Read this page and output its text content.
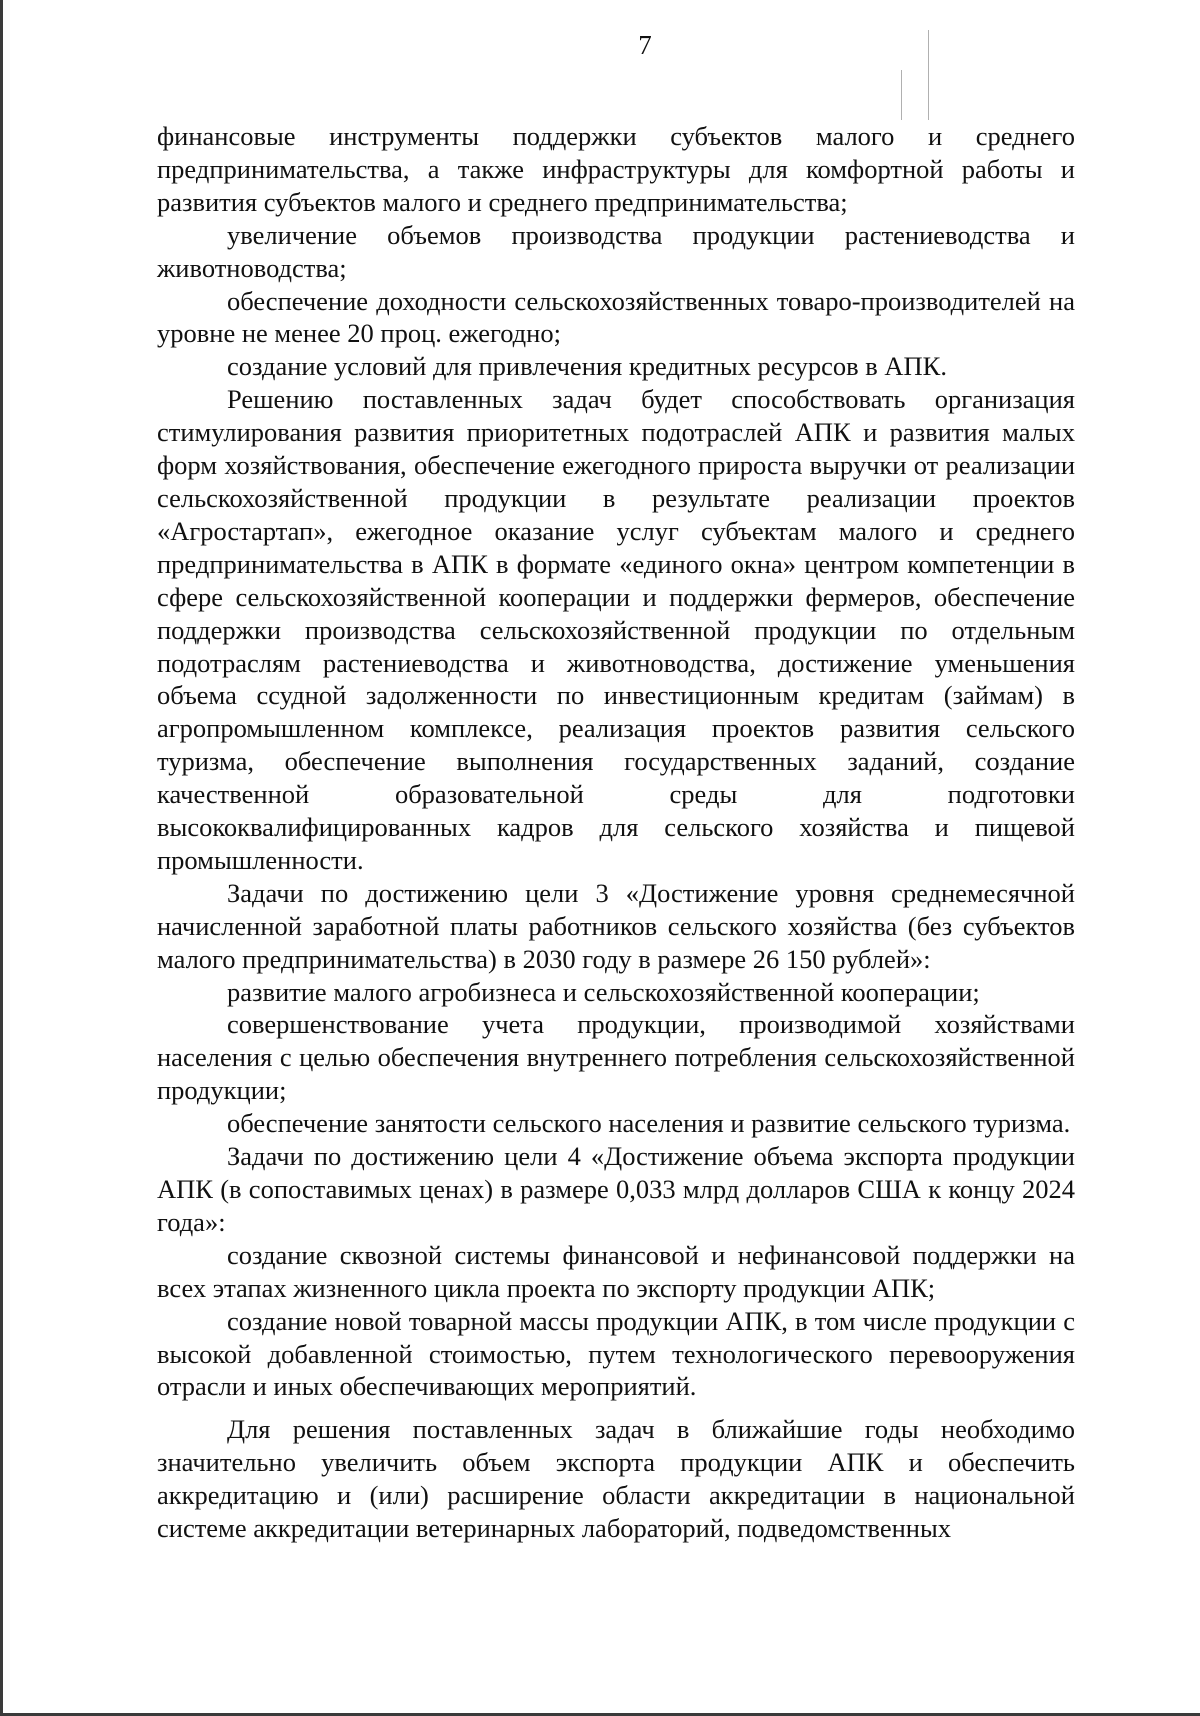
7

финансовые инструменты поддержки субъектов малого и среднего предпринимательства, а также инфраструктуры для комфортной работы и развития субъектов малого и среднего предпринимательства;

увеличение объемов производства продукции растениеводства и животноводства;

обеспечение доходности сельскохозяйственных товаро-производителей на уровне не менее 20 проц. ежегодно;

создание условий для привлечения кредитных ресурсов в АПК.

Решению поставленных задач будет способствовать организация стимулирования развития приоритетных подотраслей АПК и развития малых форм хозяйствования, обеспечение ежегодного прироста выручки от реализации сельскохозяйственной продукции в результате реализации проектов «Агростартап», ежегодное оказание услуг субъектам малого и среднего предпринимательства в АПК в формате «единого окна» центром компетенции в сфере сельскохозяйственной кооперации и поддержки фермеров, обеспечение поддержки производства сельскохозяйственной продукции по отдельным подотраслям растениеводства и животноводства, достижение уменьшения объема ссудной задолженности по инвестиционным кредитам (займам) в агропромышленном комплексе, реализация проектов развития сельского туризма, обеспечение выполнения государственных заданий, создание качественной образовательной среды для подготовки высококвалифицированных кадров для сельского хозяйства и пищевой промышленности.

Задачи по достижению цели 3 «Достижение уровня среднемесячной начисленной заработной платы работников сельского хозяйства (без субъектов малого предпринимательства) в 2030 году в размере 26 150 рублей»:

развитие малого агробизнеса и сельскохозяйственной кооперации;

совершенствование учета продукции, производимой хозяйствами населения с целью обеспечения внутреннего потребления сельскохозяйственной продукции;

обеспечение занятости сельского населения и развитие сельского туризма.

Задачи по достижению цели 4 «Достижение объема экспорта продукции АПК (в сопоставимых ценах) в размере 0,033 млрд долларов США к концу 2024 года»:

создание сквозной системы финансовой и нефинансовой поддержки на всех этапах жизненного цикла проекта по экспорту продукции АПК;

создание новой товарной массы продукции АПК, в том числе продукции с высокой добавленной стоимостью, путем технологического перевооружения отрасли и иных обеспечивающих мероприятий.

Для решения поставленных задач в ближайшие годы необходимо значительно увеличить объем экспорта продукции АПК и обеспечить аккредитацию и (или) расширение области аккредитации в национальной системе аккредитации ветеринарных лабораторий, подведомственных
